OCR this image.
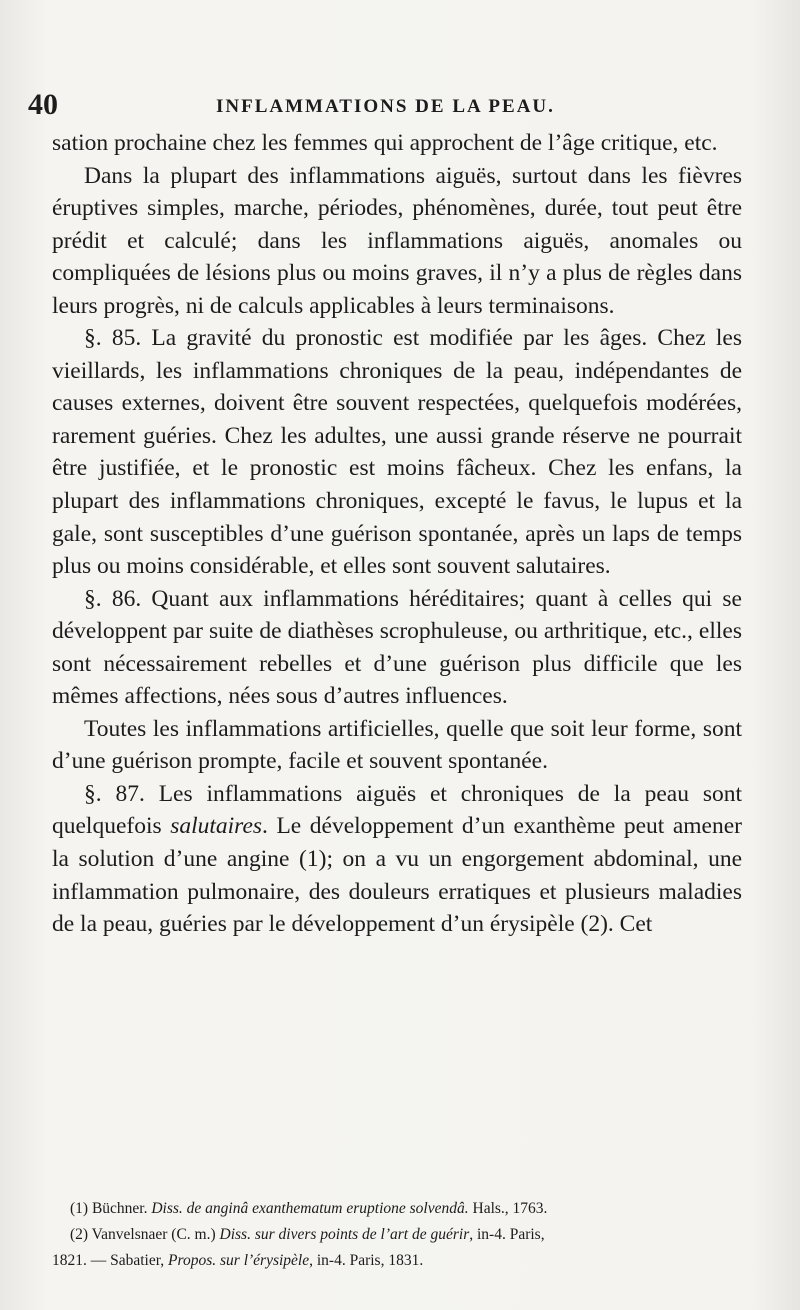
40	INFLAMMATIONS DE LA PEAU.

sation prochaine chez les femmes qui approchent de l’âge critique, etc.

Dans la plupart des inflammations aiguës, surtout dans les fièvres éruptives simples, marche, périodes, phénomènes, durée, tout peut être prédit et calculé; dans les inflammations aiguës, anomales ou compliquées de lésions plus ou moins graves, il n’y a plus de règles dans leurs progrès, ni de calculs applicables à leurs terminaisons.

§. 85. La gravité du pronostic est modifiée par les âges. Chez les vieillards, les inflammations chroniques de la peau, indépendantes de causes externes, doivent être souvent respectées, quelquefois modérées, rarement guéries. Chez les adultes, une aussi grande réserve ne pourrait être justifiée, et le pronostic est moins fâcheux. Chez les enfans, la plupart des inflammations chroniques, excepté le favus, le lupus et la gale, sont susceptibles d’une guérison spontanée, après un laps de temps plus ou moins considérable, et elles sont souvent salutaires.

§. 86. Quant aux inflammations héréditaires; quant à celles qui se développent par suite de diathèses scrophuleuse, ou arthritique, etc., elles sont nécessairement rebelles et d’une guérison plus difficile que les mêmes affections, nées sous d’autres influences.

Toutes les inflammations artificielles, quelle que soit leur forme, sont d’une guérison prompte, facile et souvent spontanée.

§. 87. Les inflammations aiguës et chroniques de la peau sont quelquefois salutaires. Le développement d’un exanthème peut amener la solution d’une angine (1); on a vu un engorgement abdominal, une inflammation pulmonaire, des douleurs erratiques et plusieurs maladies de la peau, guéries par le développement d’un érysipèle (2). Cet

(1) Büchner. Diss. de anginâ exanthematum eruptione solvendâ. Hals., 1763.

(2) Vanvelsnaer (C. m.) Diss. sur divers points de l’art de guérir, in-4. Paris,

1821. — Sabatier, Propos. sur l’érysipèle, in-4. Paris, 1831.
